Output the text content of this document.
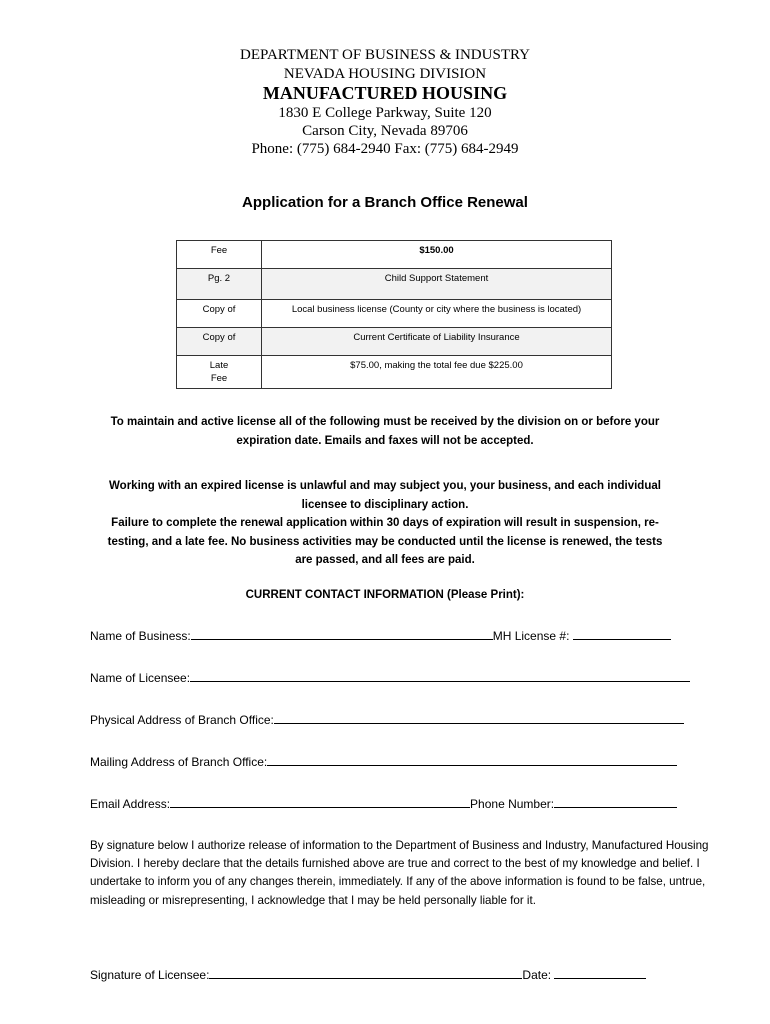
DEPARTMENT OF BUSINESS & INDUSTRY
NEVADA HOUSING DIVISION
MANUFACTURED HOUSING
1830 E College Parkway, Suite 120
Carson City, Nevada 89706
Phone: (775) 684-2940 Fax: (775) 684-2949
Application for a Branch Office Renewal
Fee	$150.00
Pg. 2	Child Support Statement
Copy of	Local business license (County or city where the business is located)
Copy of	Current Certificate of Liability Insurance
Late Fee	$75.00, making the total fee due $225.00
To maintain and active license all of the following must be received by the division on or before your expiration date. Emails and faxes will not be accepted.
Working with an expired license is unlawful and may subject you, your business, and each individual licensee to disciplinary action.
Failure to complete the renewal application within 30 days of expiration will result in suspension, re-testing, and a late fee. No business activities may be conducted until the license is renewed, the tests are passed, and all fees are paid.
CURRENT CONTACT INFORMATION (Please Print):
Name of Business:	MH License #:
Name of Licensee:
Physical Address of Branch Office:
Mailing Address of Branch Office:
Email Address:	Phone Number:
By signature below I authorize release of information to the Department of Business and Industry, Manufactured Housing Division. I hereby declare that the details furnished above are true and correct to the best of my knowledge and belief. I undertake to inform you of any changes therein, immediately. If any of the above information is found to be false, untrue, misleading or misrepresenting, I acknowledge that I may be held personally liable for it.
Signature of Licensee:	Date:
